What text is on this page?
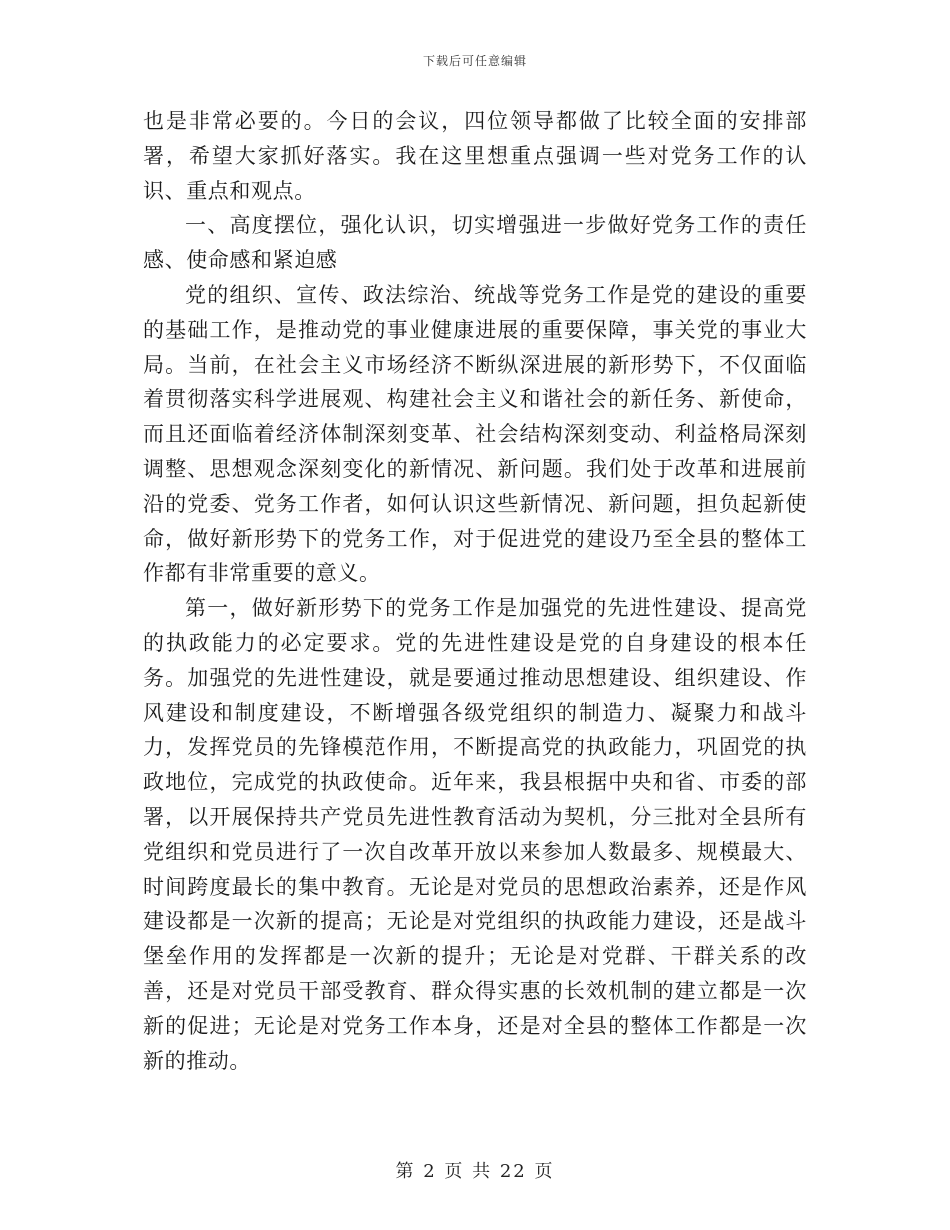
下载后可任意编辑

也是非常必要的。今日的会议，四位领导都做了比较全面的安排部署，希望大家抓好落实。我在这里想重点强调一些对党务工作的认识、重点和观点。

一、高度摆位，强化认识，切实增强进一步做好党务工作的责任感、使命感和紧迫感

党的组织、宣传、政法综治、统战等党务工作是党的建设的重要的基础工作，是推动党的事业健康进展的重要保障，事关党的事业大局。当前，在社会主义市场经济不断纵深进展的新形势下，不仅面临着贯彻落实科学进展观、构建社会主义和谐社会的新任务、新使命，而且还面临着经济体制深刻变革、社会结构深刻变动、利益格局深刻调整、思想观念深刻变化的新情况、新问题。我们处于改革和进展前沿的党委、党务工作者，如何认识这些新情况、新问题，担负起新使命，做好新形势下的党务工作，对于促进党的建设乃至全县的整体工作都有非常重要的意义。

第一，做好新形势下的党务工作是加强党的先进性建设、提高党的执政能力的必定要求。党的先进性建设是党的自身建设的根本任务。加强党的先进性建设，就是要通过推动思想建设、组织建设、作风建设和制度建设，不断增强各级党组织的制造力、凝聚力和战斗力，发挥党员的先锋模范作用，不断提高党的执政能力，巩固党的执政地位，完成党的执政使命。近年来，我县根据中央和省、市委的部署，以开展保持共产党员先进性教育活动为契机，分三批对全县所有党组织和党员进行了一次自改革开放以来参加人数最多、规模最大、时间跨度最长的集中教育。无论是对党员的思想政治素养，还是作风建设都是一次新的提高；无论是对党组织的执政能力建设，还是战斗堡垒作用的发挥都是一次新的提升；无论是对党群、干群关系的改善，还是对党员干部受教育、群众得实惠的长效机制的建立都是一次新的促进；无论是对党务工作本身，还是对全县的整体工作都是一次新的推动。

第 2 页 共 22 页
